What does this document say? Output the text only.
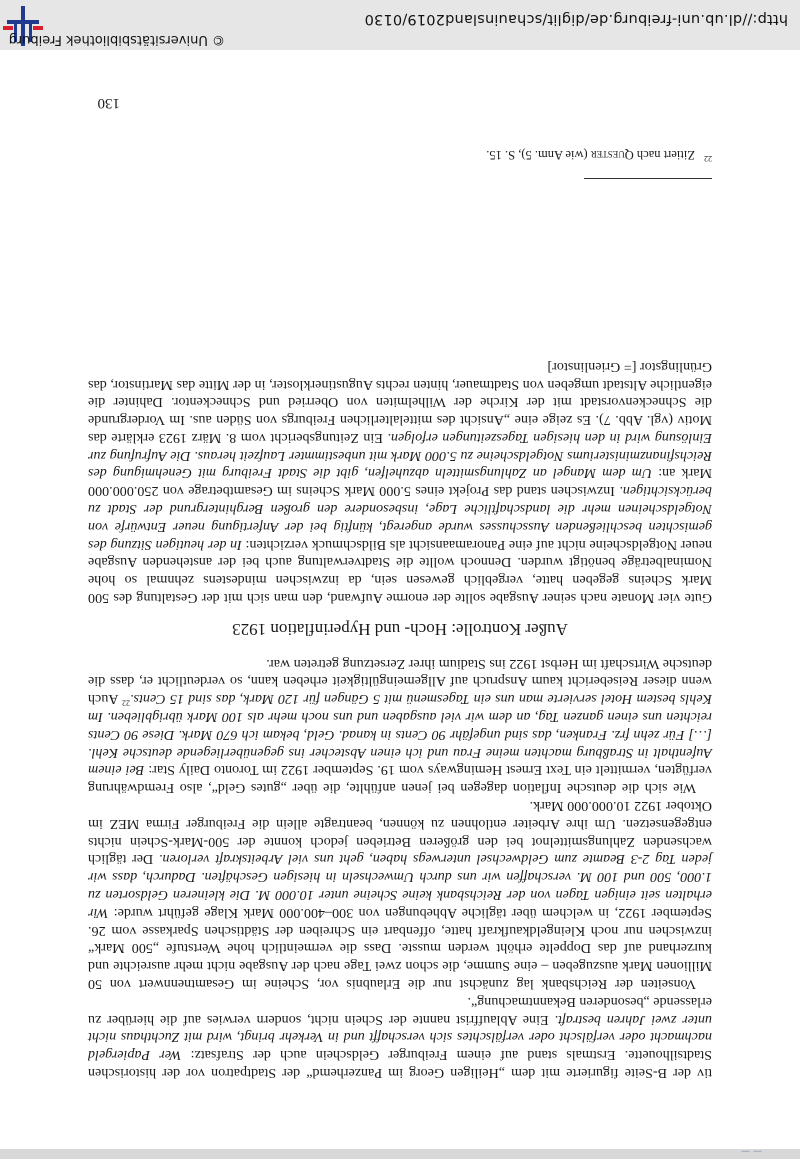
— —

tiv der B-Seite figurierte mit dem „Heiligen Georg im Panzerhemd“ der Stadtpatron vor der historischen Stadtsilhouette. Erstmals stand auf einem Freiburger Geldschein auch der Strafsatz: Wer Papiergeld nachmacht oder verfälscht oder verfälschtes sich verschafft und in Verkehr bringt, wird mit Zuchthaus nicht unter zwei Jahren bestraft. Eine Ablauffrist nannte der Schein nicht, sondern verwies auf die hierüber zu erlassende „besonderen Bekanntmachung“.

Vonseiten der Reichsbank lag zunächst nur die Erlaubnis vor, Scheine im Gesamtnennwert von 50 Millionen Mark auszugeben – eine Summe, die schon zwei Tage nach der Ausgabe nicht mehr ausreichte und kurzerhand auf das Doppelte erhöht werden musste. Dass die vermeintlich hohe Wertstufe „500 Mark“ inzwischen nur noch Kleingeldkaufkraft hatte, offenbart ein Schreiben der Städtischen Sparkasse vom 26. September 1922, in welchem über tägliche Abhebungen von 300–400.000 Mark Klage geführt wurde: Wir erhalten seit einigen Tagen von der Reichsbank keine Scheine unter 10.000 M. Die kleineren Geldsorten zu 1.000, 500 und 100 M. verschaffen wir uns durch Umwechseln in hiesigen Geschäften. Dadurch, dass wir jeden Tag 2-3 Beamte zum Geldwechsel unterwegs haben, geht uns viel Arbeitskraft verloren. Der täglich wachsenden Zahlungsmittelnot bei den größeren Betrieben jedoch konnte der 500-Mark-Schein nichts entgegensetzen. Um ihre Arbeiter entlohnen zu können, beantragte allein die Freiburger Firma MEZ im Oktober 1922 10.000.000 Mark.

Wie sich die deutsche Inflation dagegen bei jenen anfühlte, die über „gutes Geld“, also Fremdwährung verfügten, vermittelt ein Text Ernest Hemingways vom 19. September 1922 im Toronto Daily Star: Bei einem Aufenthalt in Straßburg machten meine Frau und ich einen Abstecher ins gegenüberliegende deutsche Kehl. […] Für zehn frz. Franken, das sind ungefähr 90 Cents in kanad. Geld, bekam ich 670 Mark. Diese 90 Cents reichten uns einen ganzen Tag, an dem wir viel ausgaben und uns noch mehr als 100 Mark übrigblieben. Im Kehls bestem Hotel servierte man uns ein Tagesmenü mit 5 Gängen für 120 Mark, das sind 15 Cents.$^{22}$ Auch wenn dieser Reisebericht kaum Anspruch auf Allgemeingültigkeit erheben kann, so verdeutlicht er, dass die deutsche Wirtschaft im Herbst 1922 ins Stadium ihrer Zersetzung getreten war.

Außer Kontrolle: Hoch- und Hyperinflation 1923

Gute vier Monate nach seiner Ausgabe sollte der enorme Aufwand, den man sich mit der Gestaltung des 500 Mark Scheins gegeben hatte, vergeblich gewesen sein, da inzwischen mindestens zehnmal so hohe Nominalbeträge benötigt wurden. Dennoch wollte die Stadtverwaltung auch bei der anstehenden Ausgabe neuer Notgeldscheine nicht auf eine Panoramaansicht als Bildschmuck verzichten: In der heutigen Sitzung des gemischten beschließenden Ausschusses wurde angeregt, künftig bei der Anfertigung neuer Entwürfe von Notgeldscheinen mehr die landschaftliche Lage, insbesondere den großen Berghintergrund der Stadt zu berücksichtigen. Inzwischen stand das Projekt eines 5.000 Mark Scheins im Gesamtbetrage von 250.000.000 Mark an: Um dem Mangel an Zahlungsmitteln abzuhelfen, gibt die Stadt Freiburg mit Genehmigung des Reichsfinanzministeriums Notgeldscheine zu 5.000 Mark mit unbestimmter Laufzeit heraus. Die Aufrufung zur Einlösung wird in den hiesigen Tageszeitungen erfolgen. Ein Zeitungsbericht vom 8. März 1923 erklärte das Motiv (vgl. Abb. 7). Es zeige eine „Ansicht des mittelalterlichen Freiburgs von Süden aus. Im Vordergrunde die Schneckenvorstadt mit der Kirche der Wilhelmiten von Oberried und Schneckentor. Dahinter die eigentliche Altstadt umgeben von Stadtmauer, hinten rechts Augustinerkloster, in der Mitte das Martinstor, das Grünlingstor [= Grienlinstor]

$^{22}$ Zitiert nach Quester (wie Anm. 5), S. 15.
130
© Universitätsbibliothek Freiburg
http://dl.ub.uni-freiburg.de/diglit/schauinsland2019/0130
